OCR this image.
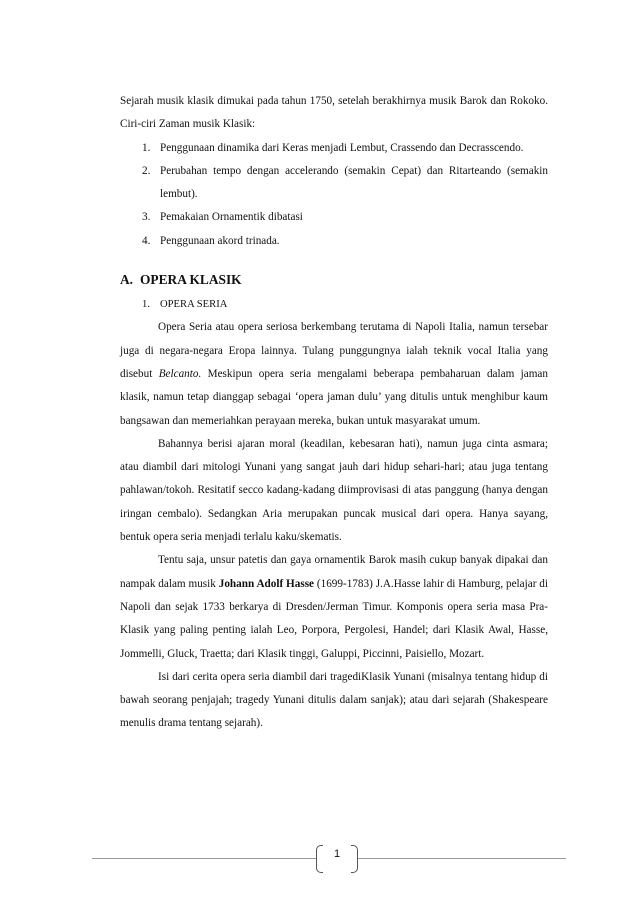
Sejarah musik klasik dimukai pada tahun 1750, setelah berakhirnya musik Barok dan Rokoko. Ciri-ciri Zaman musik Klasik:

1. Penggunaan dinamika dari Keras menjadi Lembut, Crassendo dan Decrasscendo.
2. Perubahan tempo dengan accelerando (semakin Cepat) dan Ritarteando (semakin lembut).
3. Pemakaian Ornamentik dibatasi
4. Penggunaan akord trinada.
A. OPERA KLASIK
1. OPERA SERIA

Opera Seria atau opera seriosa berkembang terutama di Napoli Italia, namun tersebar juga di negara-negara Eropa lainnya. Tulang punggungnya ialah teknik vocal Italia yang disebut Belcanto. Meskipun opera seria mengalami beberapa pembaharuan dalam jaman klasik, namun tetap dianggap sebagai ‘opera jaman dulu’ yang ditulis untuk menghibur kaum bangsawan dan memeriahkan perayaan mereka, bukan untuk masyarakat umum.

Bahannya berisi ajaran moral (keadilan, kebesaran hati), namun juga cinta asmara; atau diambil dari mitologi Yunani yang sangat jauh dari hidup sehari-hari; atau juga tentang pahlawan/tokoh. Resitatif secco kadang-kadang diimprovisasi di atas panggung (hanya dengan iringan cembalo). Sedangkan Aria merupakan puncak musical dari opera. Hanya sayang, bentuk opera seria menjadi terlalu kaku/skematis.

Tentu saja, unsur patetis dan gaya ornamentik Barok masih cukup banyak dipakai dan nampak dalam musik Johann Adolf Hasse (1699-1783) J.A.Hasse lahir di Hamburg, pelajar di Napoli dan sejak 1733 berkarya di Dresden/Jerman Timur. Komponis opera seria masa Pra-Klasik yang paling penting ialah Leo, Porpora, Pergolesi, Handel; dari Klasik Awal, Hasse, Jommelli, Gluck, Traetta; dari Klasik tinggi, Galuppi, Piccinni, Paisiello, Mozart.

Isi dari cerita opera seria diambil dari tragediKlasik Yunani (misalnya tentang hidup di bawah seorang penjajah; tragedy Yunani ditulis dalam sanjak); atau dari sejarah (Shakespeare menulis drama tentang sejarah).

1
